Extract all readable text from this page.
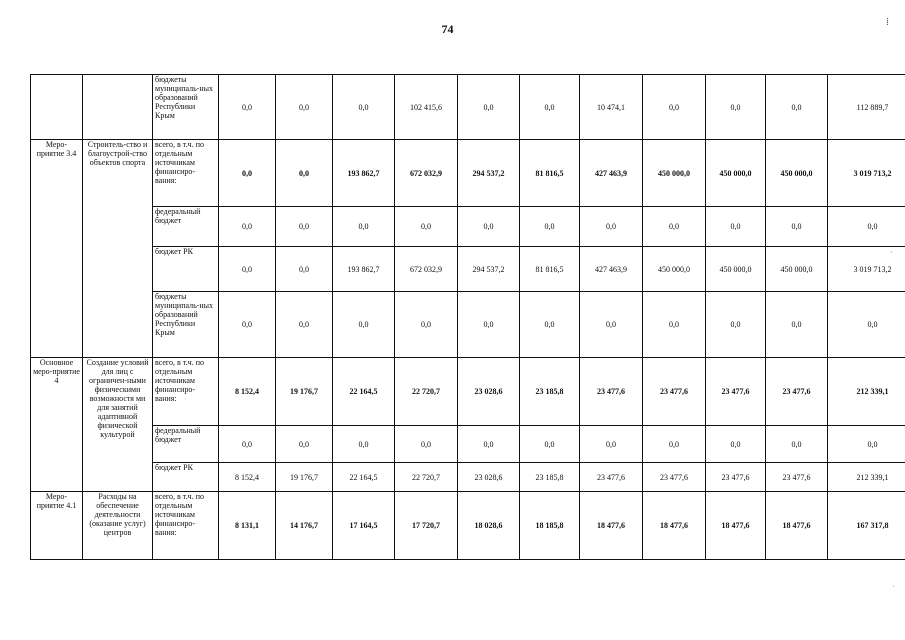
74	⁞
·
·
		бюджеты муниципаль-ных образований Республики Крым	0,0	0,0	0,0	102 415,6	0,0	0,0	10 474,1	0,0	0,0	0,0	112 889,7
Меро-приятие 3.4	Строитель-ство и благоустрой-ство объектов спорта	всего, в т.ч. по отдельным источникам финансиро-вания:	0,0	0,0	193 862,7	672 032,9	294 537,2	81 816,5	427 463,9	450 000,0	450 000,0	450 000,0	3 019 713,2
		федеральный бюджет	0,0	0,0	0,0	0,0	0,0	0,0	0,0	0,0	0,0	0,0	0,0
		бюджет РК	0,0	0,0	193 862,7	672 032,9	294 537,2	81 816,5	427 463,9	450 000,0	450 000,0	450 000,0	3 019 713,2
		бюджеты муниципаль-ных образований Республики Крым	0,0	0,0	0,0	0,0	0,0	0,0	0,0	0,0	0,0	0,0	0,0
Основное меро-приятие 4	Создание условий для лиц с ограничен-ными физическими возможностя ми для занятий адаптивной физической культурой	всего, в т.ч. по отдельным источникам финансиро-вания:	8 152,4	19 176,7	22 164,5	22 720,7	23 028,6	23 185,8	23 477,6	23 477,6	23 477,6	23 477,6	212 339,1
		федеральный бюджет	0,0	0,0	0,0	0,0	0,0	0,0	0,0	0,0	0,0	0,0	0,0
		бюджет РК	8 152,4	19 176,7	22 164,5	22 720,7	23 028,6	23 185,8	23 477,6	23 477,6	23 477,6	23 477,6	212 339,1
Меро-приятие 4.1	Расходы на обеспечение деятельности (оказание услуг) центров	всего, в т.ч. по отдельным источникам финансиро-вания:	8 131,1	14 176,7	17 164,5	17 720,7	18 028,6	18 185,8	18 477,6	18 477,6	18 477,6	18 477,6	167 317,8
